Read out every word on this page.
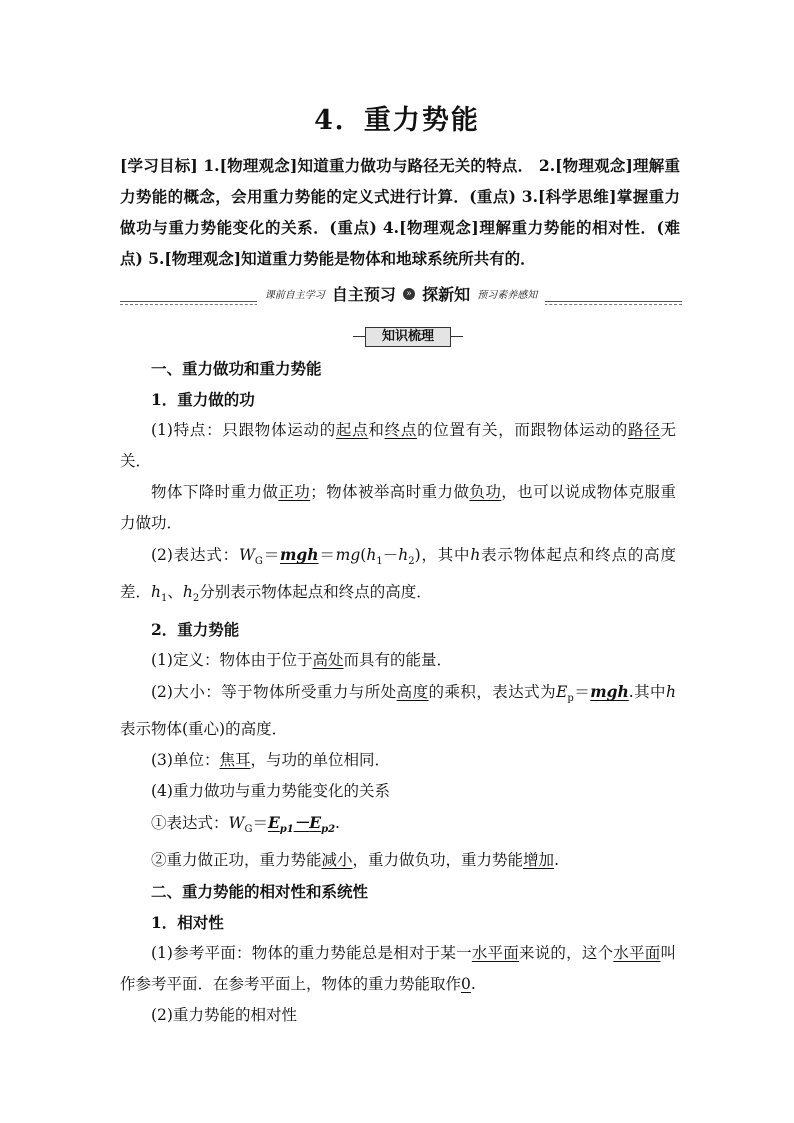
4．重力势能
[学习目标] 1.[物理观念]知道重力做功与路径无关的特点． 2.[物理观念]理解重力势能的概念，会用重力势能的定义式进行计算．(重点) 3.[科学思维]掌握重力做功与重力势能变化的关系．(重点) 4.[物理观念]理解重力势能的相对性．(难点) 5.[物理观念]知道重力势能是物体和地球系统所共有的．
课前自主学习 自主预习 » 探新知 预习素养感知
知识梳理

一、重力做功和重力势能

1．重力做的功

(1)特点：只跟物体运动的起点和终点的位置有关，而跟物体运动的路径无关．

物体下降时重力做正功；物体被举高时重力做负功，也可以说成物体克服重力做功．

(2)表达式：$W_G=mgh=mg(h_1-h_2)$，其中h表示物体起点和终点的高度差．$h_1$、$h_2$分别表示物体起点和终点的高度．

2．重力势能

(1)定义：物体由于位于高处而具有的能量．

(2)大小：等于物体所受重力与所处高度的乘积，表达式为$E_p=mgh$.其中h表示物体(重心)的高度．

(3)单位：焦耳，与功的单位相同．

(4)重力做功与重力势能变化的关系

①表达式：$W_G=E_{p1}-E_{p2}$.

②重力做正功，重力势能减小，重力做负功，重力势能增加.

二、重力势能的相对性和系统性

1．相对性

(1)参考平面：物体的重力势能总是相对于某一水平面来说的，这个水平面叫作参考平面．在参考平面上，物体的重力势能取作0.

(2)重力势能的相对性
